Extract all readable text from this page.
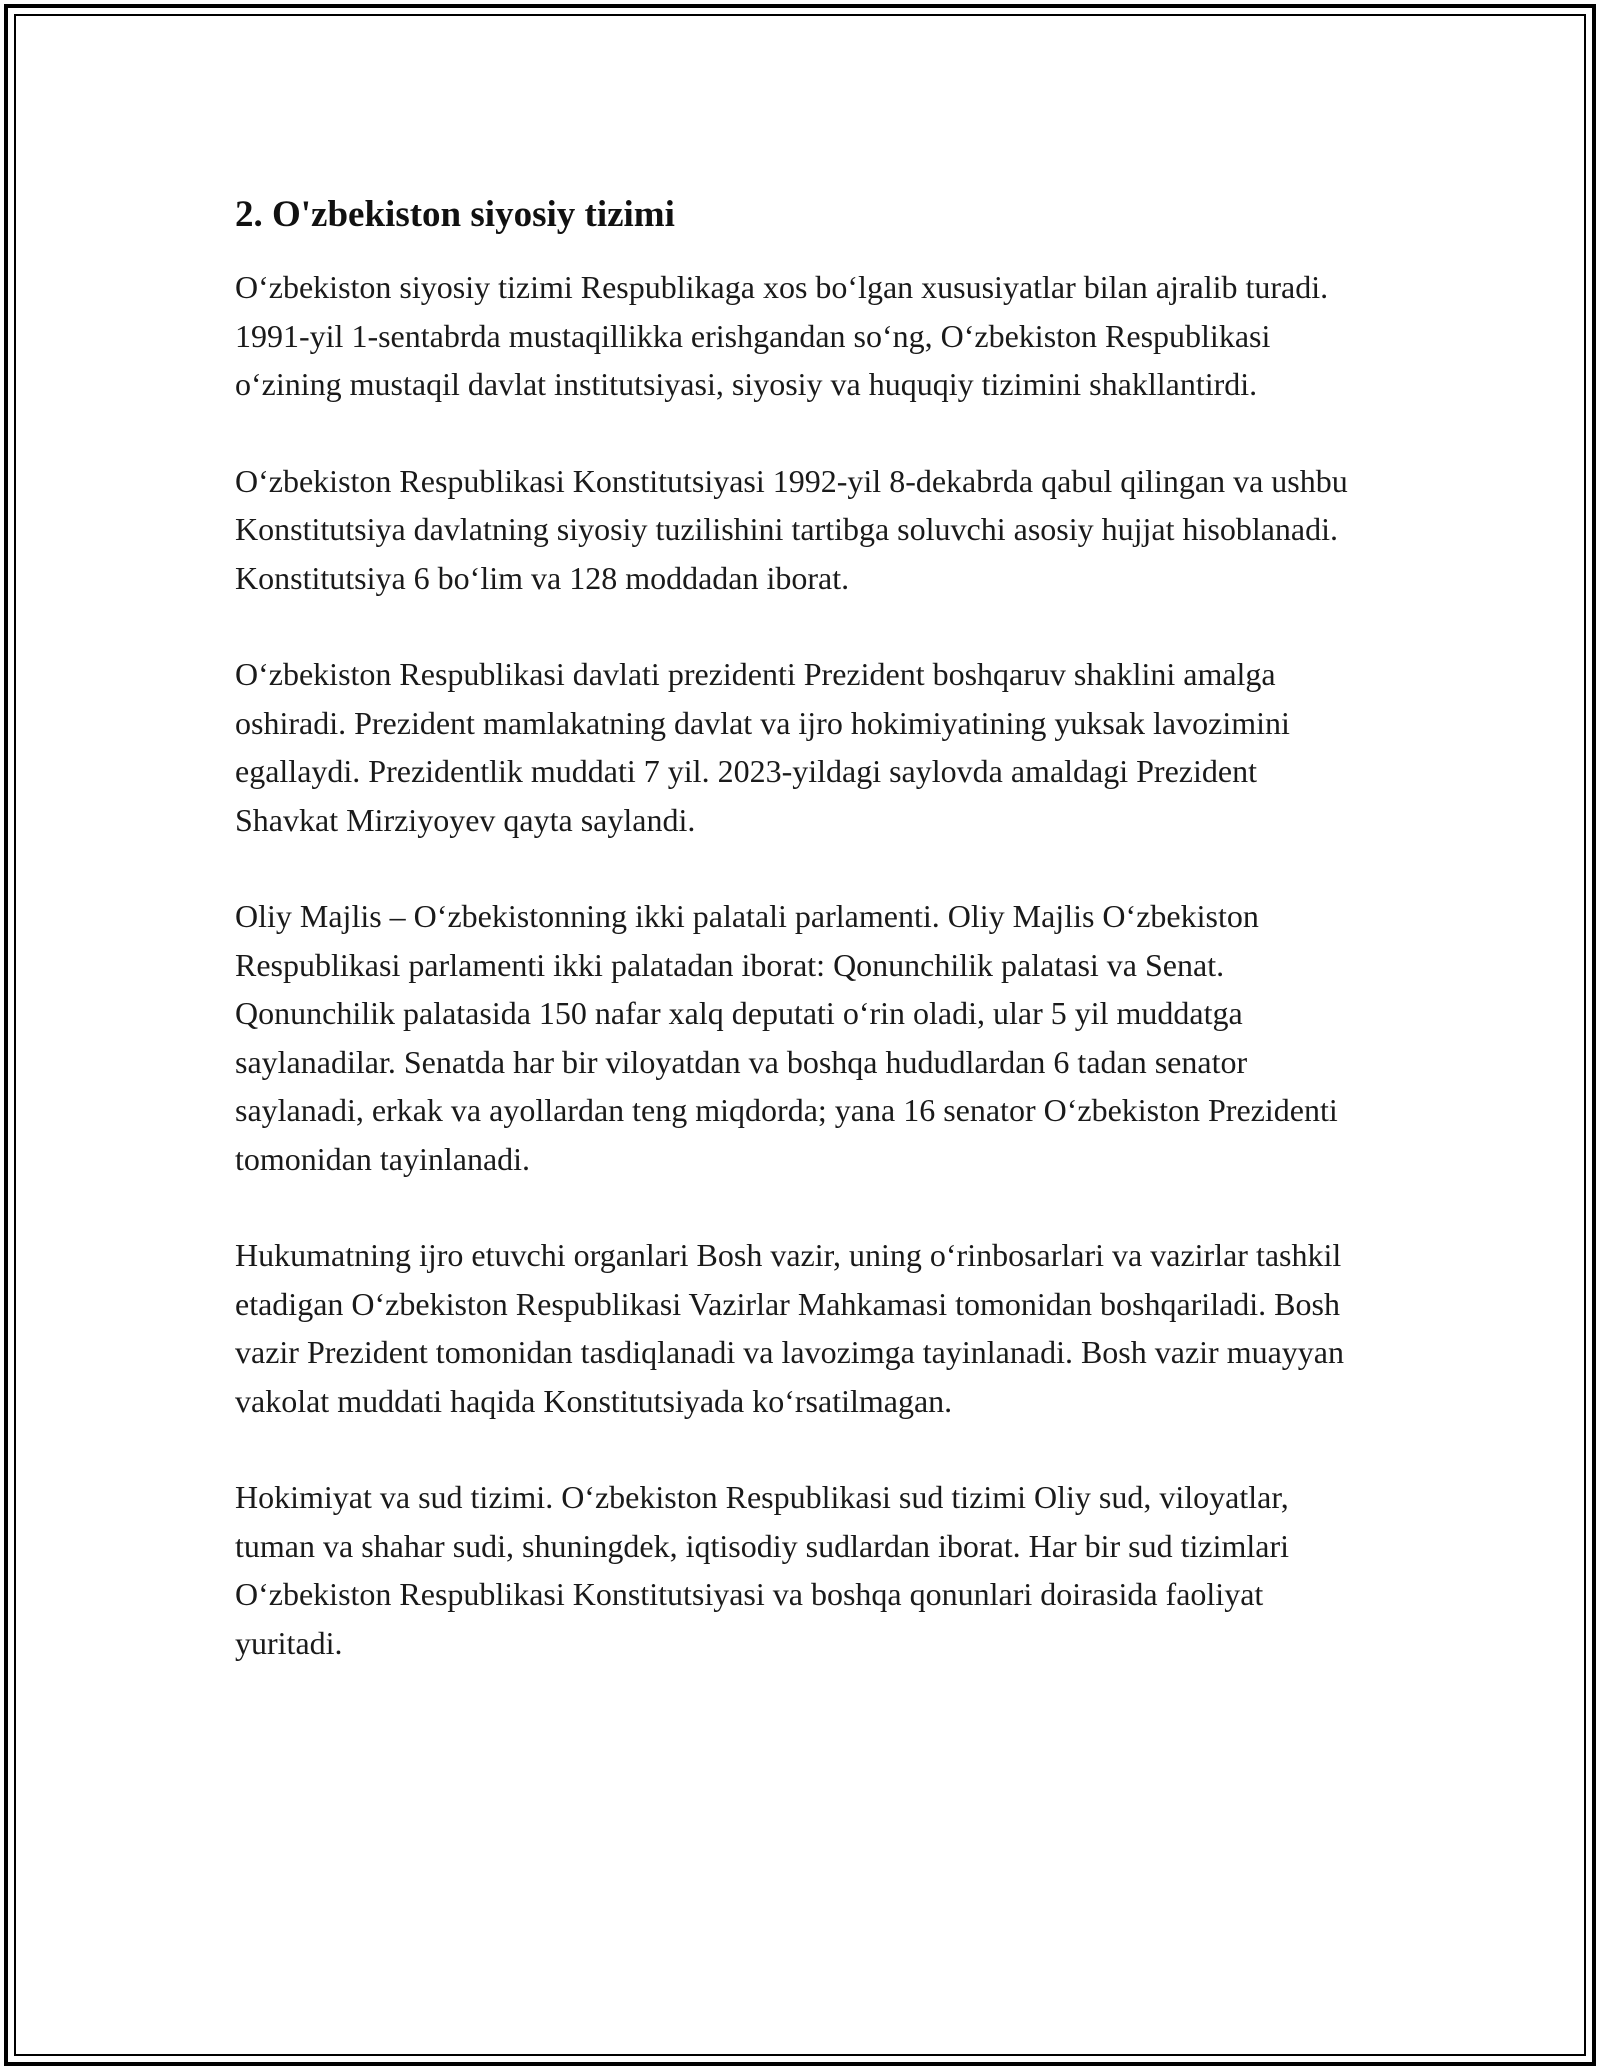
2. O'zbekiston siyosiy tizimi

O‘zbekiston siyosiy tizimi Respublikaga xos bo‘lgan xususiyatlar bilan ajralib turadi. 1991-yil 1-sentabrda mustaqillikka erishgandan so‘ng, O‘zbekiston Respublikasi o‘zining mustaqil davlat institutsiyasi, siyosiy va huquqiy tizimini shakllantirdi.

O‘zbekiston Respublikasi Konstitutsiyasi 1992-yil 8-dekabrda qabul qilingan va ushbu Konstitutsiya davlatning siyosiy tuzilishini tartibga soluvchi asosiy hujjat hisoblanadi. Konstitutsiya 6 bo‘lim va 128 moddadan iborat.

O‘zbekiston Respublikasi davlati prezidenti Prezident boshqaruv shaklini amalga oshiradi. Prezident mamlakatning davlat va ijro hokimiyatining yuksak lavozimini egallaydi. Prezidentlik muddati 7 yil. 2023-yildagi saylovda amaldagi Prezident Shavkat Mirziyoyev qayta saylandi.

Oliy Majlis – O‘zbekistonning ikki palatali parlamenti. Oliy Majlis O‘zbekiston Respublikasi parlamenti ikki palatadan iborat: Qonunchilik palatasi va Senat. Qonunchilik palatasida 150 nafar xalq deputati o‘rin oladi, ular 5 yil muddatga saylanadilar. Senatda har bir viloyatdan va boshqa hududlardan 6 tadan senator saylanadi, erkak va ayollardan teng miqdorda; yana 16 senator O‘zbekiston Prezidenti tomonidan tayinlanadi.

Hukumatning ijro etuvchi organlari Bosh vazir, uning o‘rinbosarlari va vazirlar tashkil etadigan O‘zbekiston Respublikasi Vazirlar Mahkamasi tomonidan boshqariladi. Bosh vazir Prezident tomonidan tasdiqlanadi va lavozimga tayinlanadi. Bosh vazir muayyan vakolat muddati haqida Konstitutsiyada ko‘rsatilmagan.

Hokimiyat va sud tizimi. O‘zbekiston Respublikasi sud tizimi Oliy sud, viloyatlar, tuman va shahar sudi, shuningdek, iqtisodiy sudlardan iborat. Har bir sud tizimlari O‘zbekiston Respublikasi Konstitutsiyasi va boshqa qonunlari doirasida faoliyat yuritadi.
